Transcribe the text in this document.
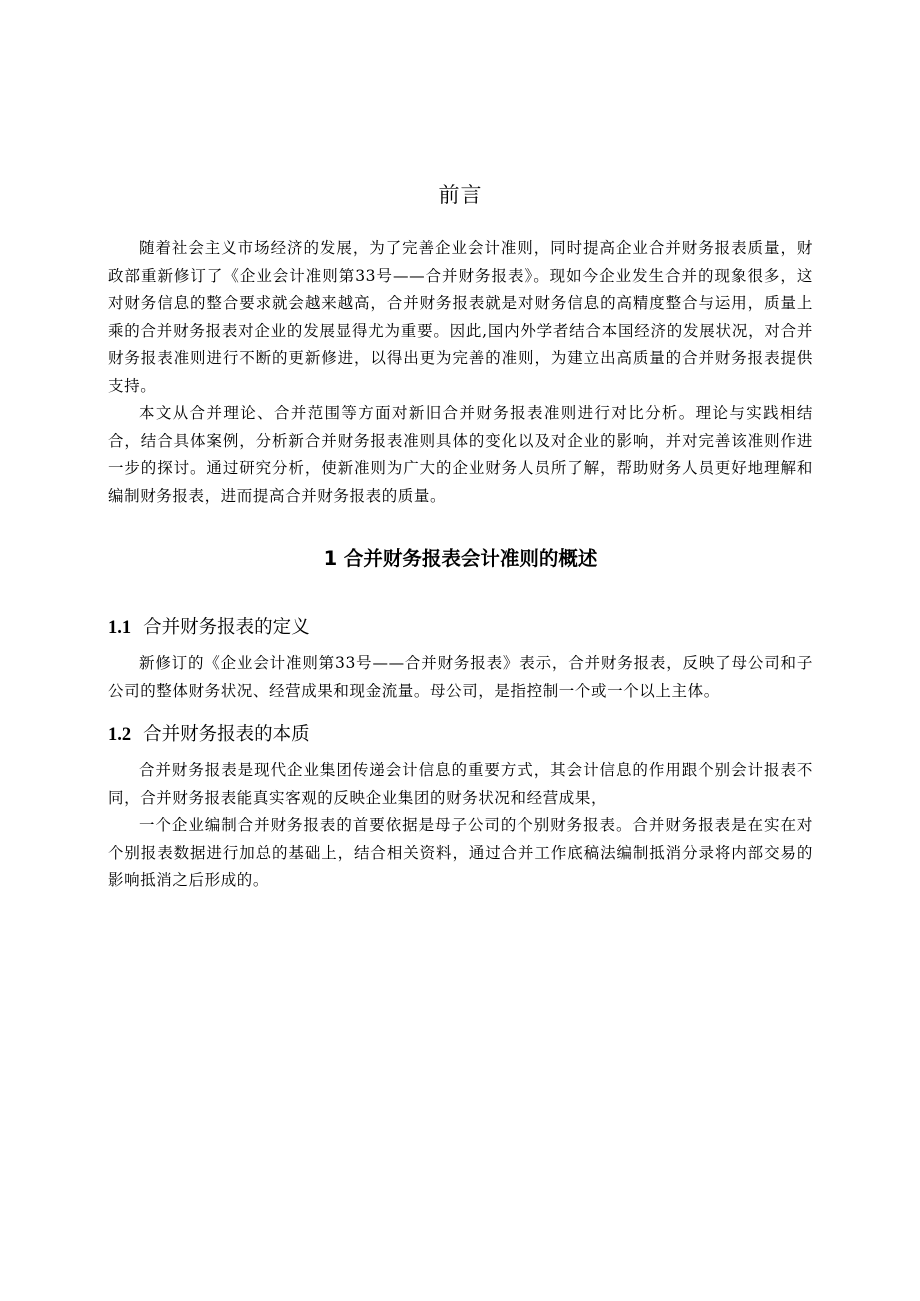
前言

随着社会主义市场经济的发展，为了完善企业会计准则，同时提高企业合并财务报表质量，财政部重新修订了《企业会计准则第33号——合并财务报表》。现如今企业发生合并的现象很多，这对财务信息的整合要求就会越来越高，合并财务报表就是对财务信息的高精度整合与运用，质量上乘的合并财务报表对企业的发展显得尤为重要。因此,国内外学者结合本国经济的发展状况，对合并财务报表准则进行不断的更新修进，以得出更为完善的准则，为建立出高质量的合并财务报表提供支持。

本文从合并理论、合并范围等方面对新旧合并财务报表准则进行对比分析。理论与实践相结合，结合具体案例，分析新合并财务报表准则具体的变化以及对企业的影响，并对完善该准则作进一步的探讨。通过研究分析，使新准则为广大的企业财务人员所了解，帮助财务人员更好地理解和编制财务报表，进而提高合并财务报表的质量。

1 合并财务报表会计准则的概述
1.1 合并财务报表的定义

新修订的《企业会计准则第33号——合并财务报表》表示，合并财务报表，反映了母公司和子公司的整体财务状况、经营成果和现金流量。母公司，是指控制一个或一个以上主体。

1.2 合并财务报表的本质

合并财务报表是现代企业集团传递会计信息的重要方式，其会计信息的作用跟个别会计报表不同，合并财务报表能真实客观的反映企业集团的财务状况和经营成果，

一个企业编制合并财务报表的首要依据是母子公司的个别财务报表。合并财务报表是在实在对个别报表数据进行加总的基础上，结合相关资料，通过合并工作底稿法编制抵消分录将内部交易的影响抵消之后形成的。
